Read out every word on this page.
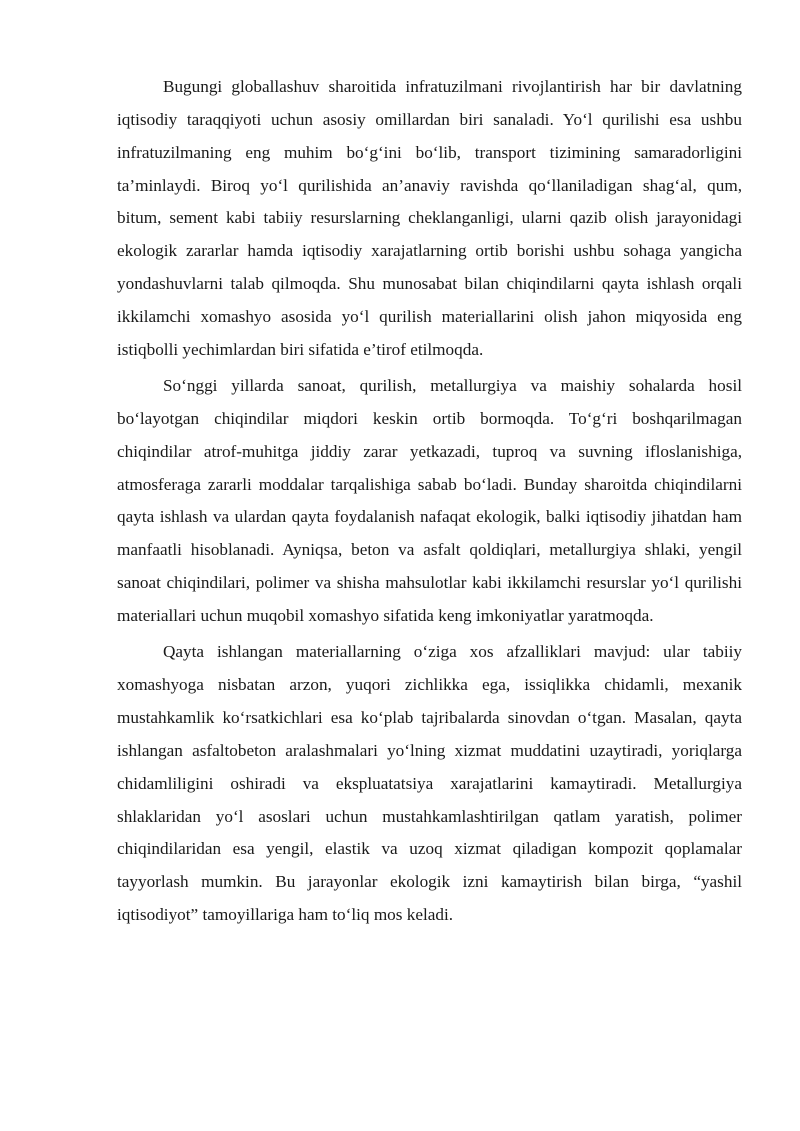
Bugungi globallashuv sharoitida infratuzilmani rivojlantirish har bir davlatning iqtisodiy taraqqiyoti uchun asosiy omillardan biri sanaladi. Yo‘l qurilishi esa ushbu infratuzilmaning eng muhim bo‘g‘ini bo‘lib, transport tizimining samaradorligini ta’minlaydi. Biroq yo‘l qurilishida an’anaviy ravishda qo‘llaniladigan shag‘al, qum, bitum, sement kabi tabiiy resurslarning cheklanganligi, ularni qazib olish jarayonidagi ekologik zararlar hamda iqtisodiy xarajatlarning ortib borishi ushbu sohaga yangicha yondashuvlarni talab qilmoqda. Shu munosabat bilan chiqindilarni qayta ishlash orqali ikkilamchi xomashyo asosida yo‘l qurilish materiallarini olish jahon miqyosida eng istiqbolli yechimlardan biri sifatida e’tirof etilmoqda.

So‘nggi yillarda sanoat, qurilish, metallurgiya va maishiy sohalarda hosil bo‘layotgan chiqindilar miqdori keskin ortib bormoqda. To‘g‘ri boshqarilmagan chiqindilar atrof-muhitga jiddiy zarar yetkazadi, tuproq va suvning ifloslanishiga, atmosferaga zararli moddalar tarqalishiga sabab bo‘ladi. Bunday sharoitda chiqindilarni qayta ishlash va ulardan qayta foydalanish nafaqat ekologik, balki iqtisodiy jihatdan ham manfaatli hisoblanadi. Ayniqsa, beton va asfalt qoldiqlari, metallurgiya shlaki, yengil sanoat chiqindilari, polimer va shisha mahsulotlar kabi ikkilamchi resurslar yo‘l qurilishi materiallari uchun muqobil xomashyo sifatida keng imkoniyatlar yaratmoqda.

Qayta ishlangan materiallarning o‘ziga xos afzalliklari mavjud: ular tabiiy xomashyoga nisbatan arzon, yuqori zichlikka ega, issiqlikka chidamli, mexanik mustahkamlik ko‘rsatkichlari esa ko‘plab tajribalarda sinovdan o‘tgan. Masalan, qayta ishlangan asfaltobeton aralashmalari yo‘lning xizmat muddatini uzaytiradi, yoriqlarga chidamliligini oshiradi va ekspluatatsiya xarajatlarini kamaytiradi. Metallurgiya shlaklaridan yo‘l asoslari uchun mustahkamlashtirilgan qatlam yaratish, polimer chiqindilaridan esa yengil, elastik va uzoq xizmat qiladigan kompozit qoplamalar tayyorlash mumkin. Bu jarayonlar ekologik izni kamaytirish bilan birga, “yashil iqtisodiyot” tamoyillariga ham to‘liq mos keladi.
